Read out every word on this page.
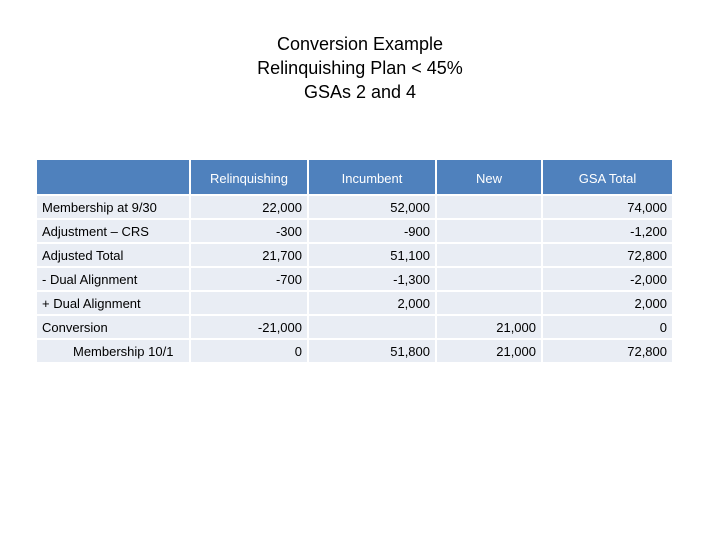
Conversion Example
Relinquishing Plan < 45%
GSAs 2 and 4
	Relinquishing	Incumbent	New	GSA Total
Membership at 9/30	22,000	52,000		74,000
Adjustment – CRS	-300	-900		-1,200
Adjusted Total	21,700	51,100		72,800
- Dual Alignment	-700	-1,300		-2,000
+ Dual Alignment		2,000		2,000
Conversion	-21,000		21,000	0
Membership 10/1	0	51,800	21,000	72,800
